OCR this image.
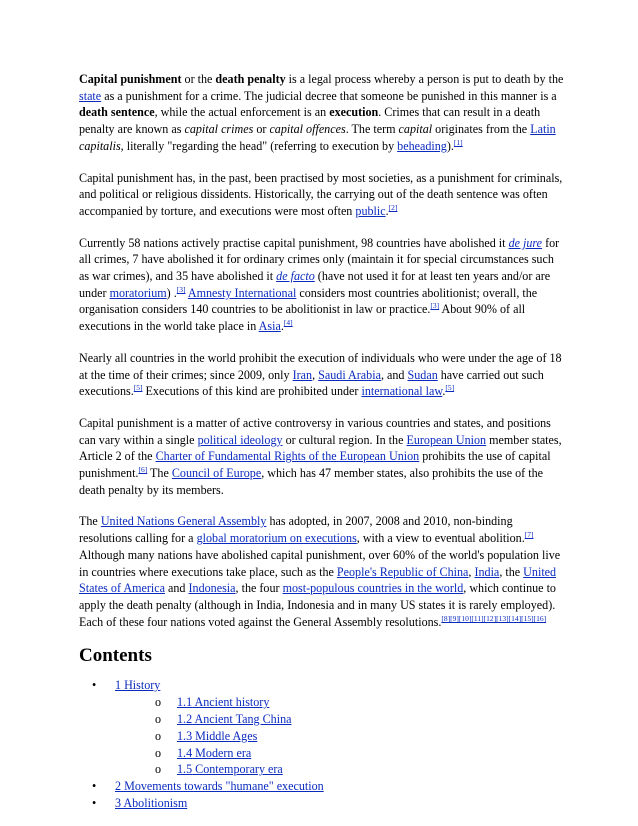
Capital punishment or the death penalty is a legal process whereby a person is put to death by the state as a punishment for a crime. The judicial decree that someone be punished in this manner is a death sentence, while the actual enforcement is an execution. Crimes that can result in a death penalty are known as capital crimes or capital offences. The term capital originates from the Latin capitalis, literally "regarding the head" (referring to execution by beheading).[1]

Capital punishment has, in the past, been practised by most societies, as a punishment for criminals, and political or religious dissidents. Historically, the carrying out of the death sentence was often accompanied by torture, and executions were most often public.[2]

Currently 58 nations actively practise capital punishment, 98 countries have abolished it de jure for all crimes, 7 have abolished it for ordinary crimes only (maintain it for special circumstances such as war crimes), and 35 have abolished it de facto (have not used it for at least ten years and/or are under moratorium) .[3] Amnesty International considers most countries abolitionist; overall, the organisation considers 140 countries to be abolitionist in law or practice.[3] About 90% of all executions in the world take place in Asia.[4]

Nearly all countries in the world prohibit the execution of individuals who were under the age of 18 at the time of their crimes; since 2009, only Iran, Saudi Arabia, and Sudan have carried out such executions.[5] Executions of this kind are prohibited under international law.[5]

Capital punishment is a matter of active controversy in various countries and states, and positions can vary within a single political ideology or cultural region. In the European Union member states, Article 2 of the Charter of Fundamental Rights of the European Union prohibits the use of capital punishment.[6] The Council of Europe, which has 47 member states, also prohibits the use of the death penalty by its members.

The United Nations General Assembly has adopted, in 2007, 2008 and 2010, non-binding resolutions calling for a global moratorium on executions, with a view to eventual abolition.[7] Although many nations have abolished capital punishment, over 60% of the world's population live in countries where executions take place, such as the People's Republic of China, India, the United States of America and Indonesia, the four most-populous countries in the world, which continue to apply the death penalty (although in India, Indonesia and in many US states it is rarely employed). Each of these four nations voted against the General Assembly resolutions.[8][9][10][11][12][13][14][15][16]

Contents
• 1 History
o 1.1 Ancient history
o 1.2 Ancient Tang China
o 1.3 Middle Ages
o 1.4 Modern era
o 1.5 Contemporary era
• 2 Movements towards "humane" execution
• 3 Abolitionism
